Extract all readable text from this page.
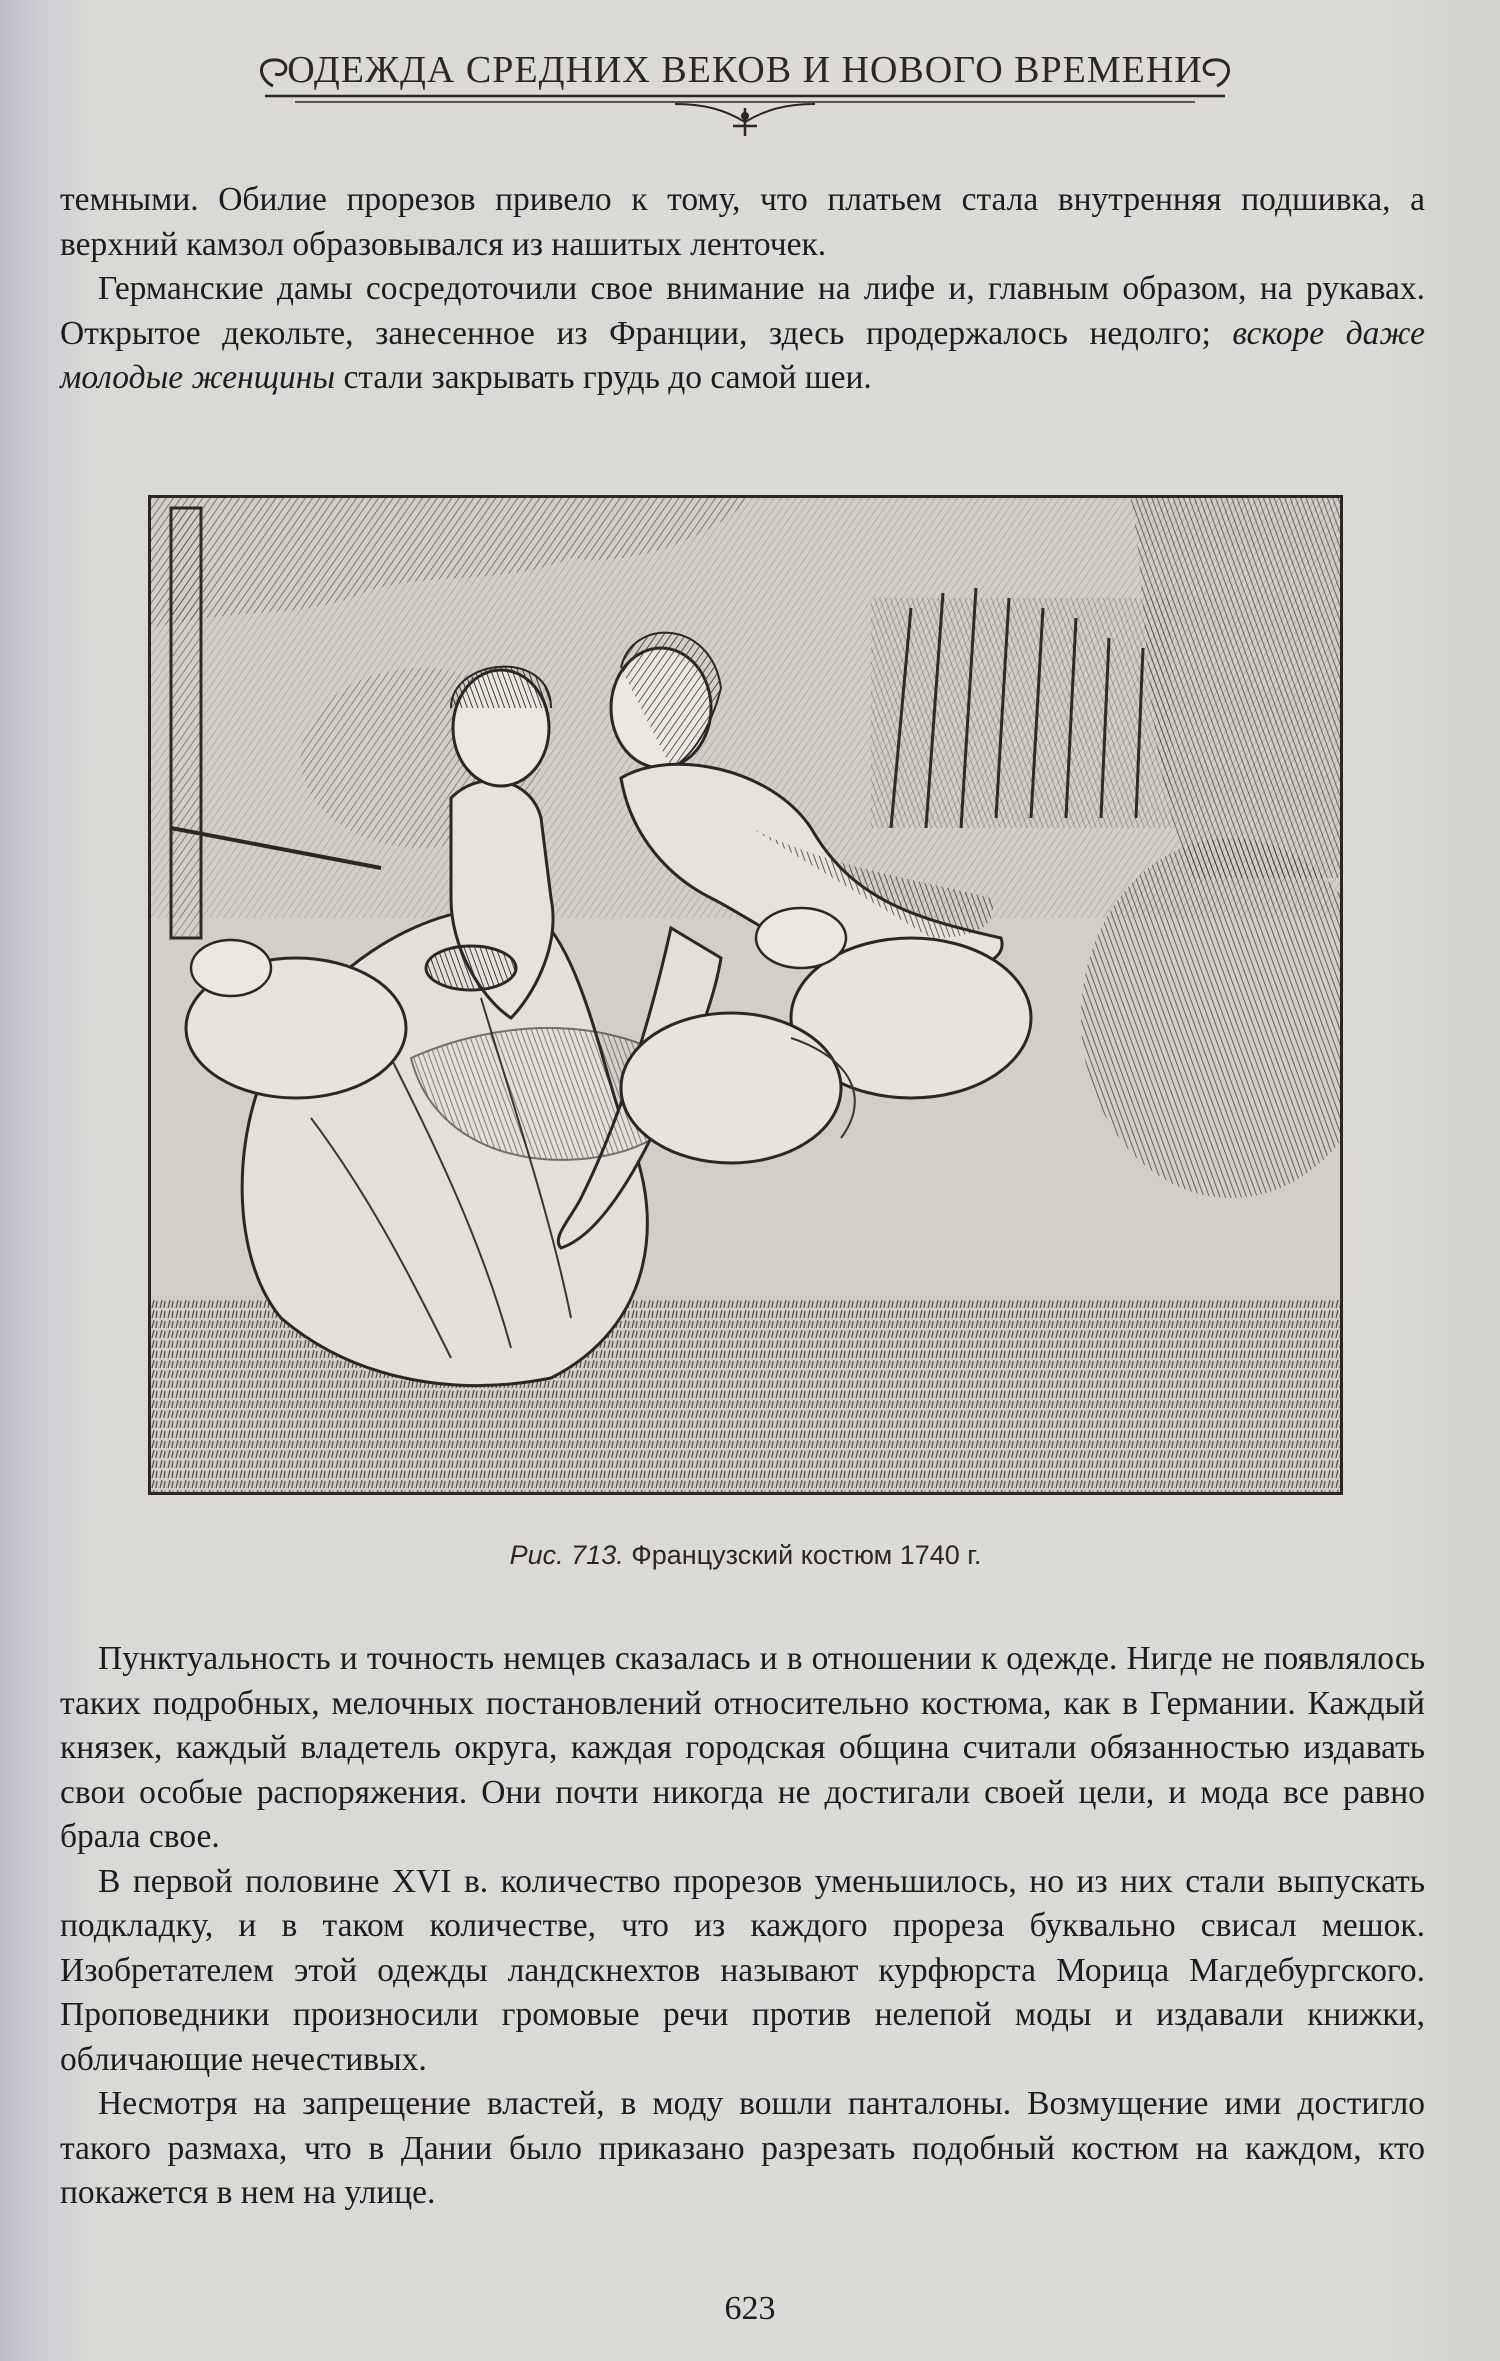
ОДЕЖДА СРЕДНИХ ВЕКОВ И НОВОГО ВРЕМЕНИ

темными. Обилие прорезов привело к тому, что платьем стала внутренняя подшивка, а верхний камзол образовывался из нашитых ленточек.

Германские дамы сосредоточили свое внимание на лифе и, главным образом, на рукавах. Открытое декольте, занесенное из Франции, здесь продержалось недолго; вскоре даже молодые женщины стали закрывать грудь до самой шеи.

Рис. 713. Французский костюм 1740 г.

Пунктуальность и точность немцев сказалась и в отношении к одежде. Нигде не появлялось таких подробных, мелочных постановлений относительно костюма, как в Германии. Каждый князек, каждый владетель округа, каждая городская община считали обязанностью издавать свои особые распоряжения. Они почти никогда не достигали своей цели, и мода все равно брала свое.

В первой половине XVI в. количество прорезов уменьшилось, но из них стали выпускать подкладку, и в таком количестве, что из каждого прореза буквально свисал мешок. Изобретателем этой одежды ландскнехтов называют курфюрста Морица Магдебургского. Проповедники произносили громовые речи против нелепой моды и издавали книжки, обличающие нечестивых.

Несмотря на запрещение властей, в моду вошли панталоны. Возмущение ими достигло такого размаха, что в Дании было приказано разрезать подобный костюм на каждом, кто покажется в нем на улице.

623
